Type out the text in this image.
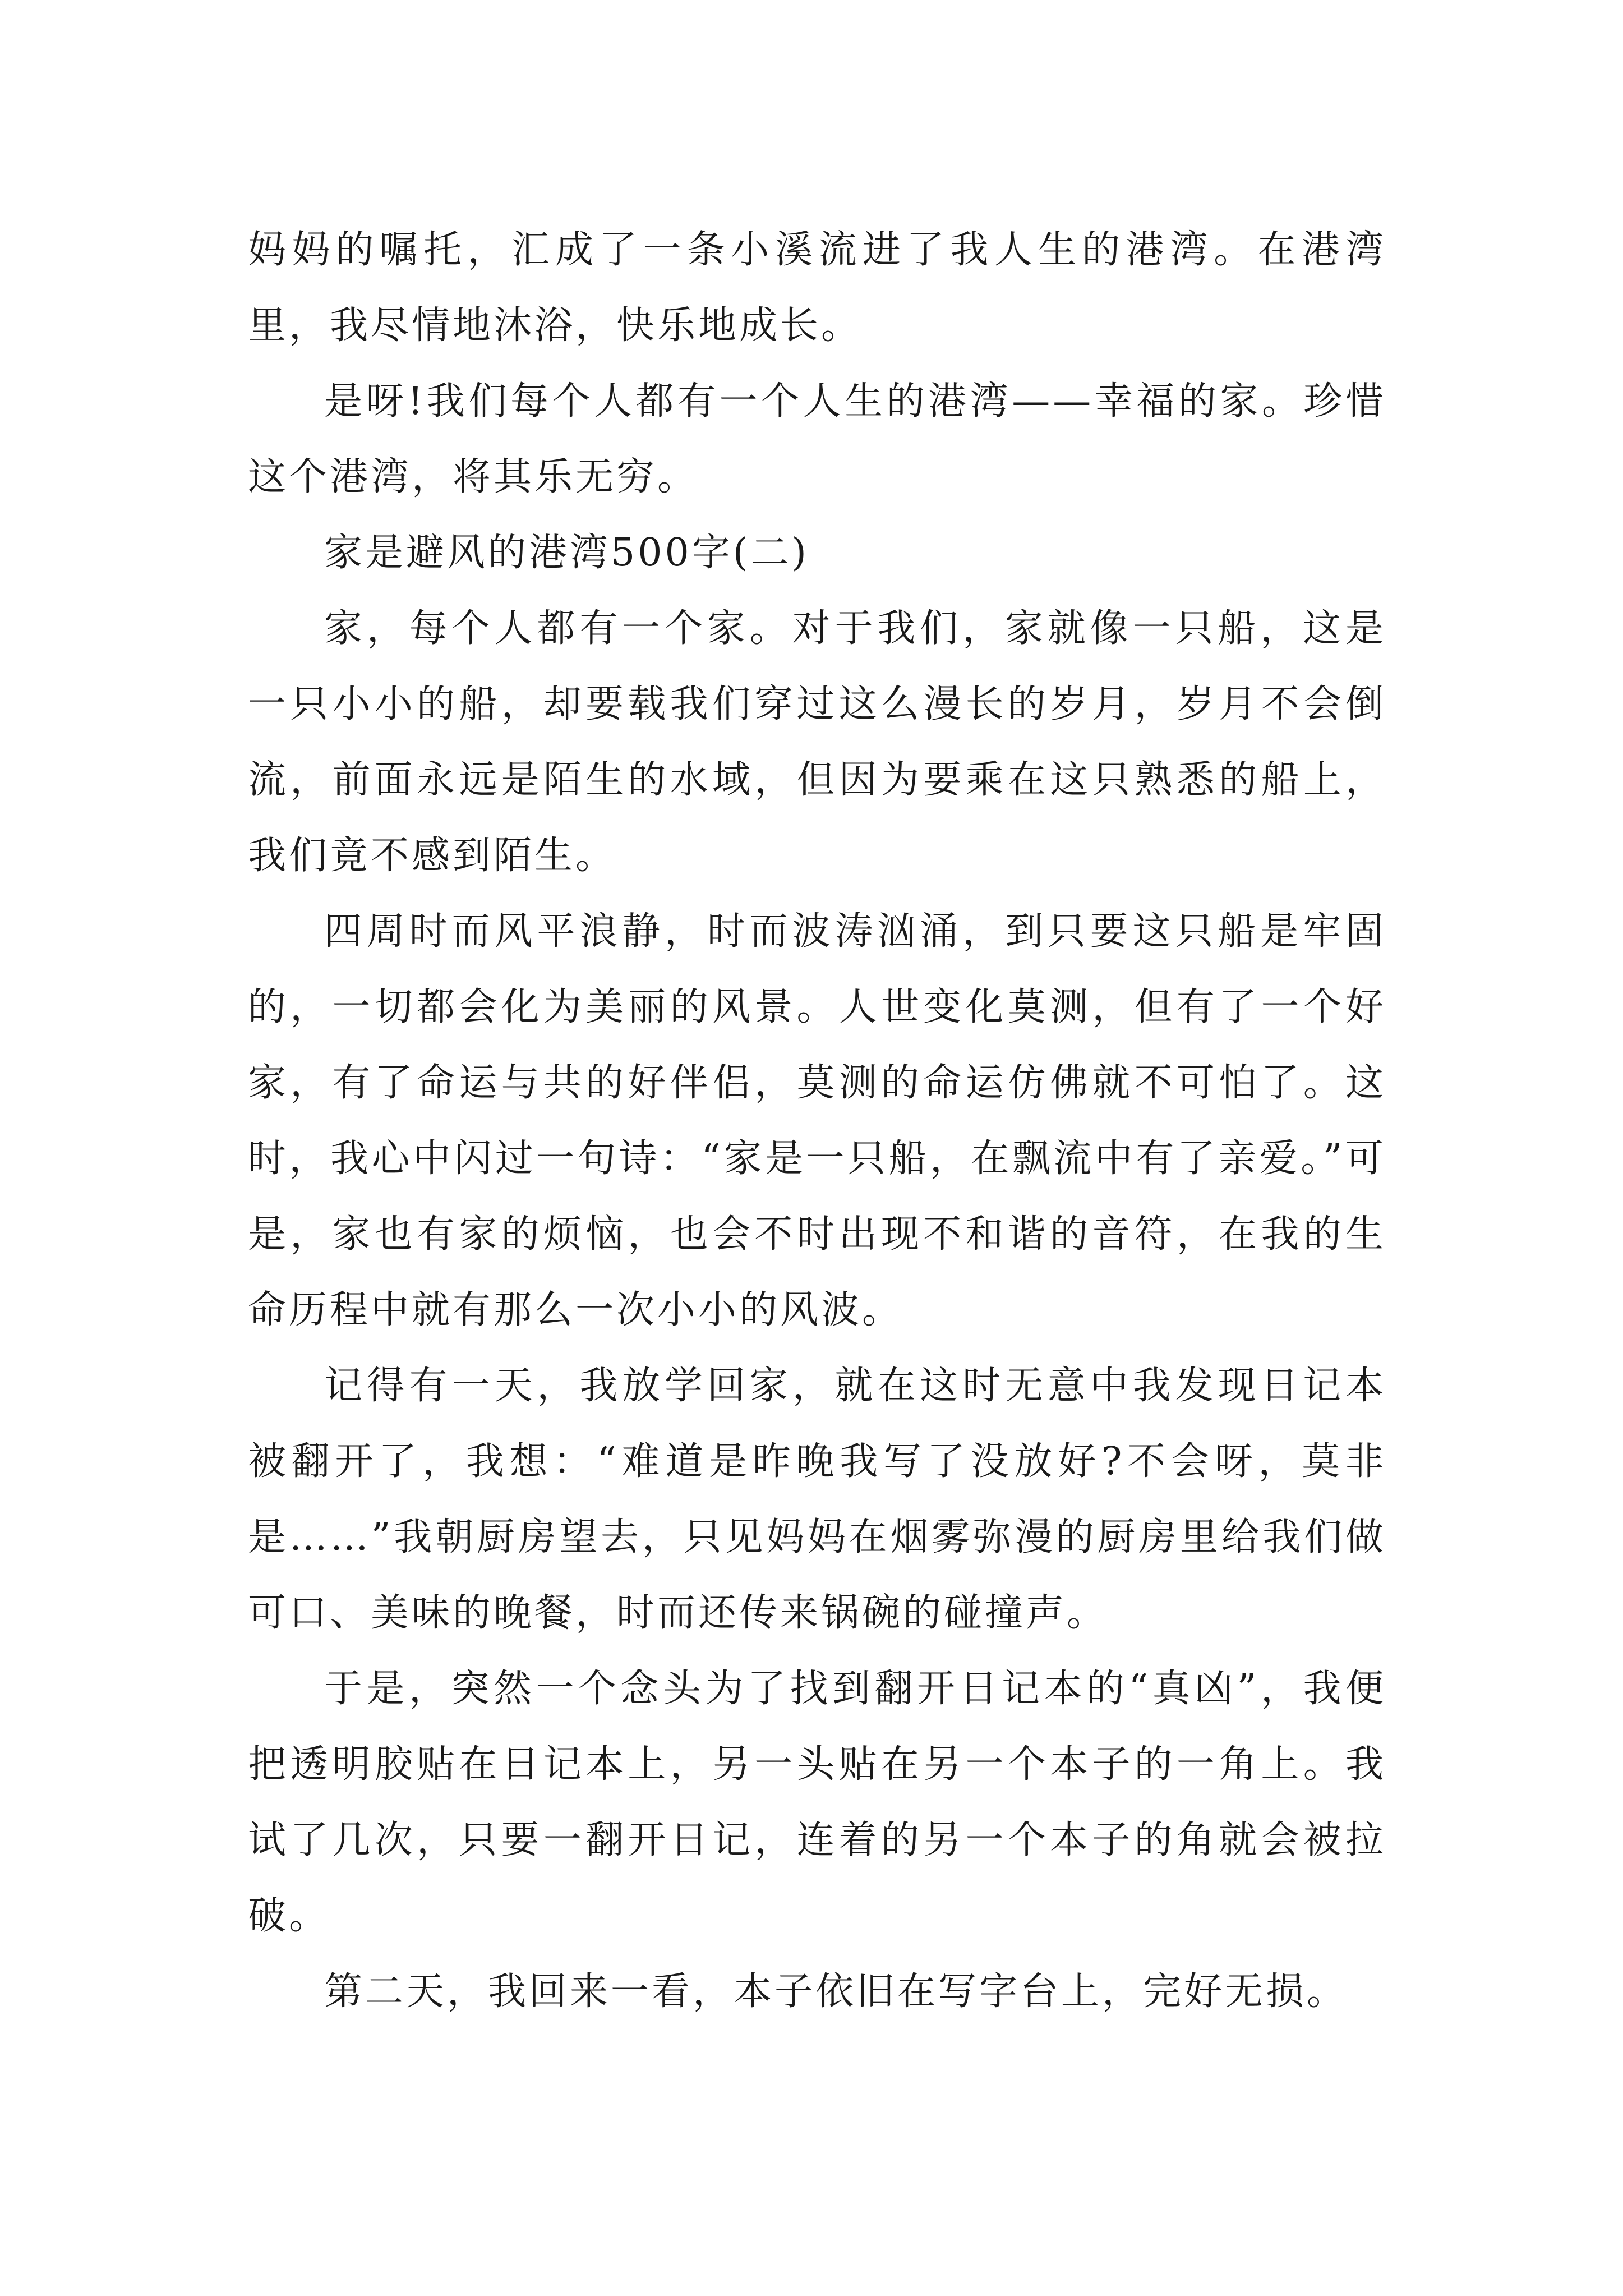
妈妈的嘱托，汇成了一条小溪流进了我人生的港湾。在港湾里，我尽情地沐浴，快乐地成长。

是呀!我们每个人都有一个人生的港湾——幸福的家。珍惜这个港湾，将其乐无穷。

家是避风的港湾500字(二)

家，每个人都有一个家。对于我们，家就像一只船，这是一只小小的船，却要载我们穿过这么漫长的岁月，岁月不会倒流，前面永远是陌生的水域，但因为要乘在这只熟悉的船上，我们竟不感到陌生。

四周时而风平浪静，时而波涛汹涌，到只要这只船是牢固的，一切都会化为美丽的风景。人世变化莫测，但有了一个好家，有了命运与共的好伴侣，莫测的命运仿佛就不可怕了。这时，我心中闪过一句诗：“家是一只船，在飘流中有了亲爱。”可是，家也有家的烦恼，也会不时出现不和谐的音符，在我的生命历程中就有那么一次小小的风波。

记得有一天，我放学回家，就在这时无意中我发现日记本被翻开了，我想：“难道是昨晚我写了没放好?不会呀，莫非是……”我朝厨房望去，只见妈妈在烟雾弥漫的厨房里给我们做可口、美味的晚餐，时而还传来锅碗的碰撞声。

于是，突然一个念头为了找到翻开日记本的“真凶”，我便把透明胶贴在日记本上，另一头贴在另一个本子的一角上。我试了几次，只要一翻开日记，连着的另一个本子的角就会被拉破。

第二天，我回来一看，本子依旧在写字台上，完好无损。
